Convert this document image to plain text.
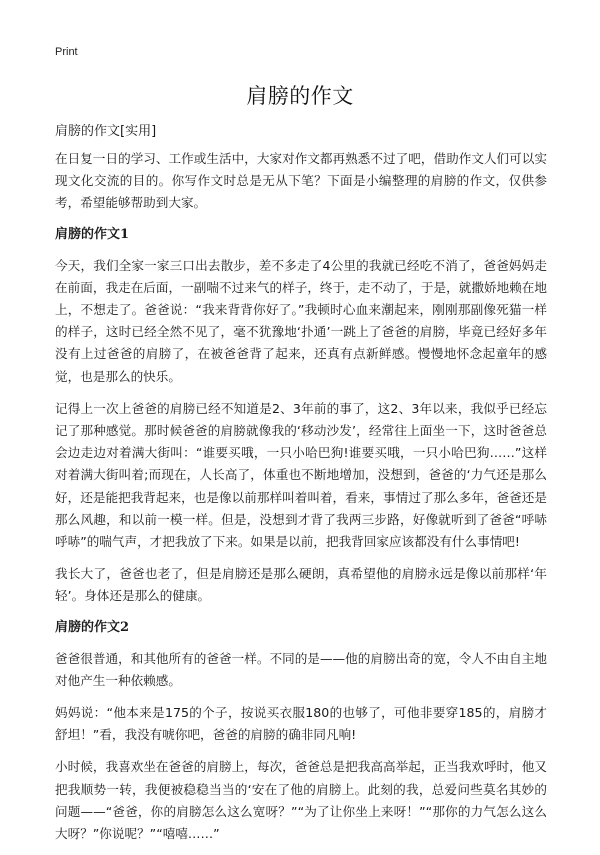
Print
肩膀的作文

肩膀的作文[实用]

在日复一日的学习、工作或生活中，大家对作文都再熟悉不过了吧，借助作文人们可以实现文化交流的目的。你写作文时总是无从下笔？下面是小编整理的肩膀的作文，仅供参考，希望能够帮助到大家。

肩膀的作文1

今天，我们全家一家三口出去散步，差不多走了4公里的我就已经吃不消了，爸爸妈妈走在前面，我走在后面，一副喘不过来气的样子，终于，走不动了，于是，就撒娇地赖在地上，不想走了。爸爸说：“我来背背你好了。”我顿时心血来潮起来，刚刚那副像死猫一样的样子，这时已经全然不见了，毫不犹豫地‘扑通’一跳上了爸爸的肩膀，毕竟已经好多年没有上过爸爸的肩膀了，在被爸爸背了起来，还真有点新鲜感。慢慢地怀念起童年的感觉，也是那么的快乐。

记得上一次上爸爸的肩膀已经不知道是2、3年前的事了，这2、3年以来，我似乎已经忘记了那种感觉。那时候爸爸的肩膀就像我的‘移动沙发’，经常往上面坐一下，这时爸爸总会边走边对着满大街叫：“谁要买哦，一只小哈巴狗!谁要买哦，一只小哈巴狗……”这样对着满大街叫着;而现在，人长高了，体重也不断地增加，没想到，爸爸的‘力气还是那么好，还是能把我背起来，也是像以前那样叫着叫着，看来，事情过了那么多年，爸爸还是那么风趣，和以前一模一样。但是，没想到才背了我两三步路，好像就听到了爸爸“呼哧呼哧”的喘气声，才把我放了下来。如果是以前，把我背回家应该都没有什么事情吧!

我长大了，爸爸也老了，但是肩膀还是那么硬朗，真希望他的肩膀永远是像以前那样‘年轻’。身体还是那么的健康。

肩膀的作文2

爸爸很普通，和其他所有的爸爸一样。不同的是——他的肩膀出奇的宽，令人不由自主地对他产生一种依赖感。

妈妈说：“他本来是175的个子，按说买衣服180的也够了，可他非要穿185的，肩膀才舒坦！”看，我没有唬你吧，爸爸的肩膀的确非同凡响!

小时候，我喜欢坐在爸爸的肩膀上，每次，爸爸总是把我高高举起，正当我欢呼时，他又把我顺势一转，我便被稳稳当当的‘安在了他的肩膀上。此刻的我，总爱问些莫名其妙的问题——“爸爸，你的肩膀怎么这么宽呀？”“为了让你坐上来呀！”“那你的力气怎么这么大呀？”你说呢？”“嘻嘻……”
